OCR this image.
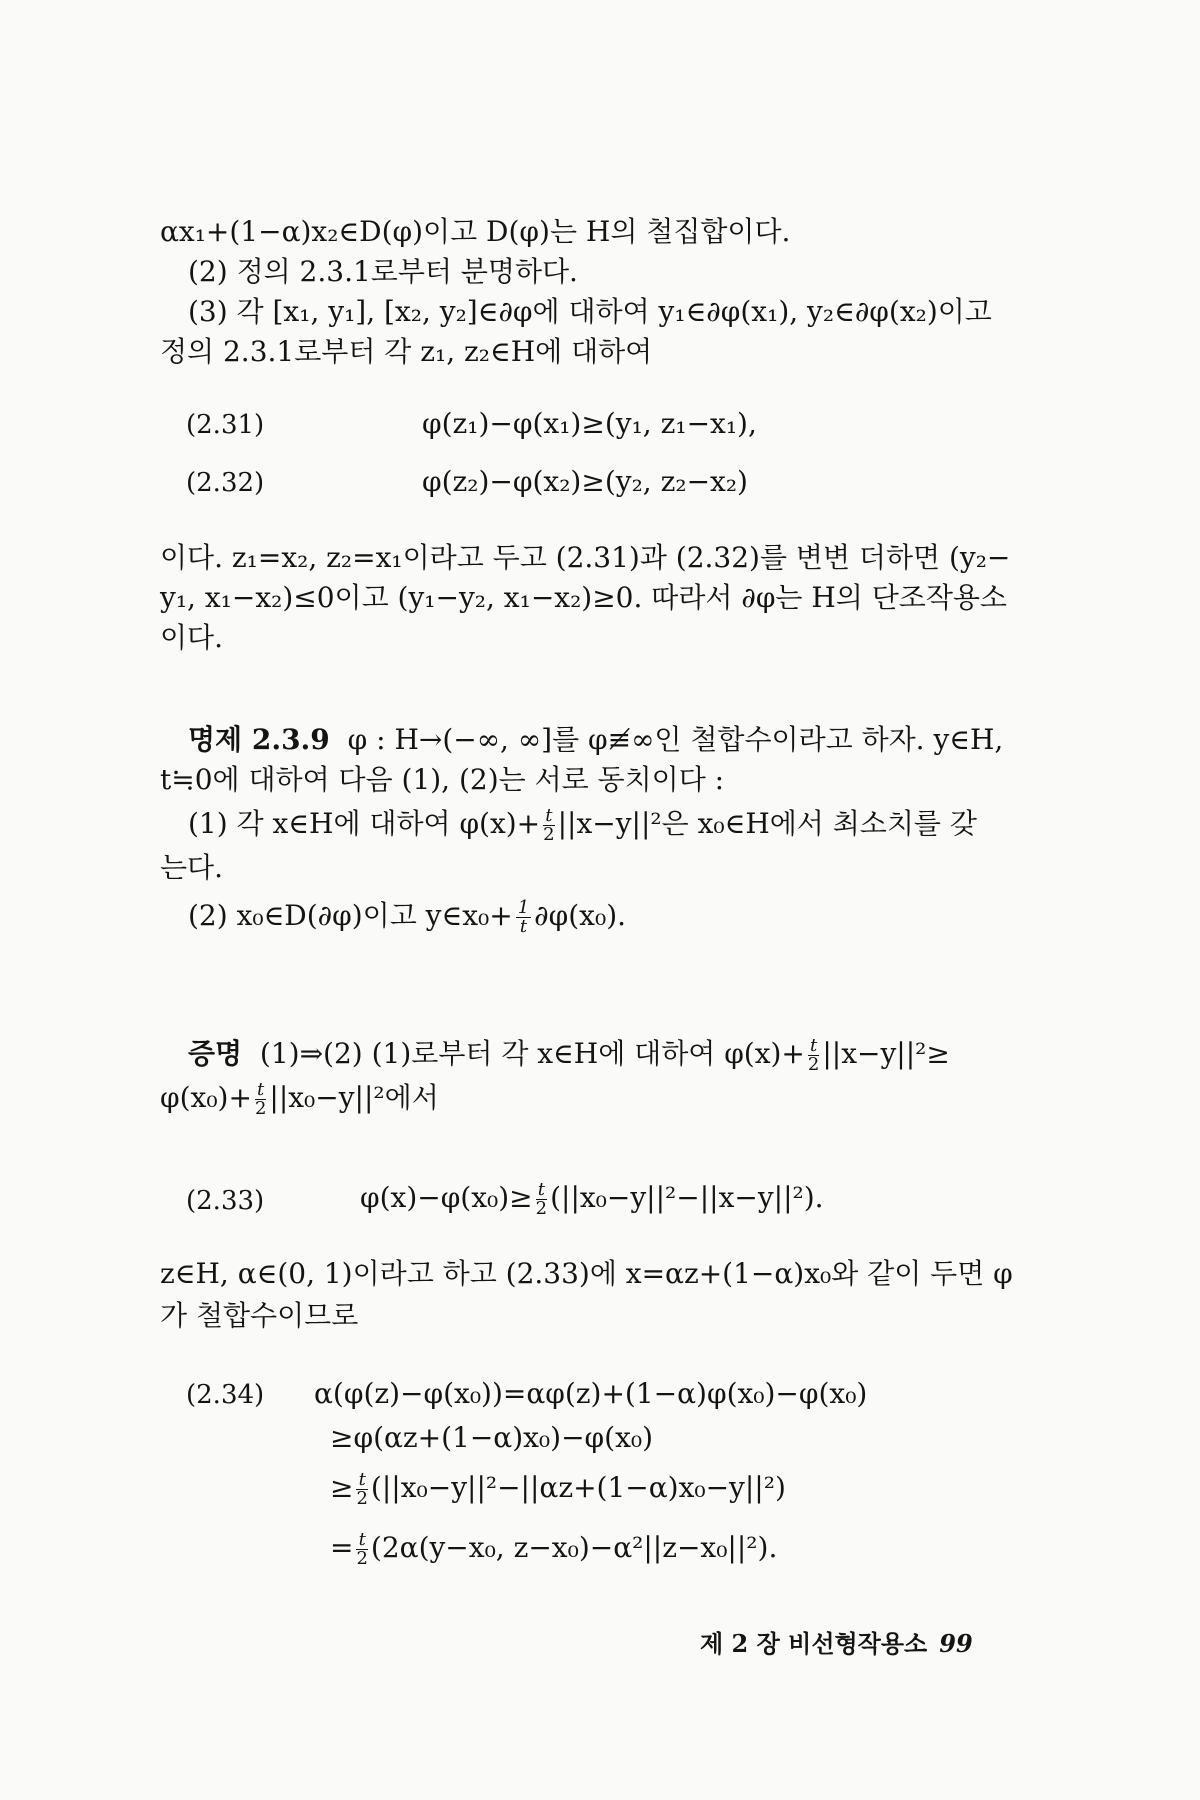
αx₁+(1−α)x₂∈D(φ)이고 D(φ)는 H의 철집합이다.
(2) 정의 2.3.1로부터 분명하다.
(3) 각 [x₁, y₁], [x₂, y₂]∈∂φ에 대하여 y₁∈∂φ(x₁), y₂∈∂φ(x₂)이고
정의 2.3.1로부터 각 z₁, z₂∈H에 대하여
(2.31)	φ(z₁)−φ(x₁)≥(y₁, z₁−x₁),
(2.32)	φ(z₂)−φ(x₂)≥(y₂, z₂−x₂)
이다. z₁=x₂, z₂=x₁이라고 두고 (2.31)과 (2.32)를 변변 더하면 (y₂−
y₁, x₁−x₂)≤0이고 (y₁−y₂, x₁−x₂)≥0. 따라서 ∂φ는 H의 단조작용소
이다.
명제 2.3.9 φ : H→(−∞, ∞]를 φ≢∞인 철합수이라고 하자. y∈H,
t≒0에 대하여 다음 (1), (2)는 서로 동치이다 :
(1) 각 x∈H에 대하여 $\varphi(x)+ \frac{t}{2} ||x-y||^2$은 x₀∈H에서 최소치를 갖
는다.
(2) x₀∈D(∂φ)이고 y∈x₀+ $\frac{1}{t} \partial\varphi(x_0)$.
증명 (1)⇒(2) (1)로부터 각 x∈H에 대하여 $\varphi(x)+ \frac{t}{2} ||x-y||^2\ge$
$\varphi(x_0)+ \frac{t}{2} ||x_0-y||^2$에서
(2.33)	$\varphi(x)-\varphi(x_0)\ge \frac{t}{2} (||x_0-y||^2-||x-y||^2)$.
z∈H, α∈(0, 1)이라고 하고 (2.33)에 x=αz+(1−α)x₀와 같이 두면 φ
가 철합수이므로
(2.34) α(φ(z)−φ(x₀))=αφ(z)+(1−α)φ(x₀)−φ(x₀)
≥φ(αz+(1−α)x₀)−φ(x₀)
≥ $\frac{t}{2} (||x_0-y||^2-||\alpha z+(1-\alpha)x_0-y||^2)$
= $\frac{t}{2} (2\alpha(y-x_0$, z−x₀)−α²||z−x₀||²).
제 2 장 비선형작용소 99
